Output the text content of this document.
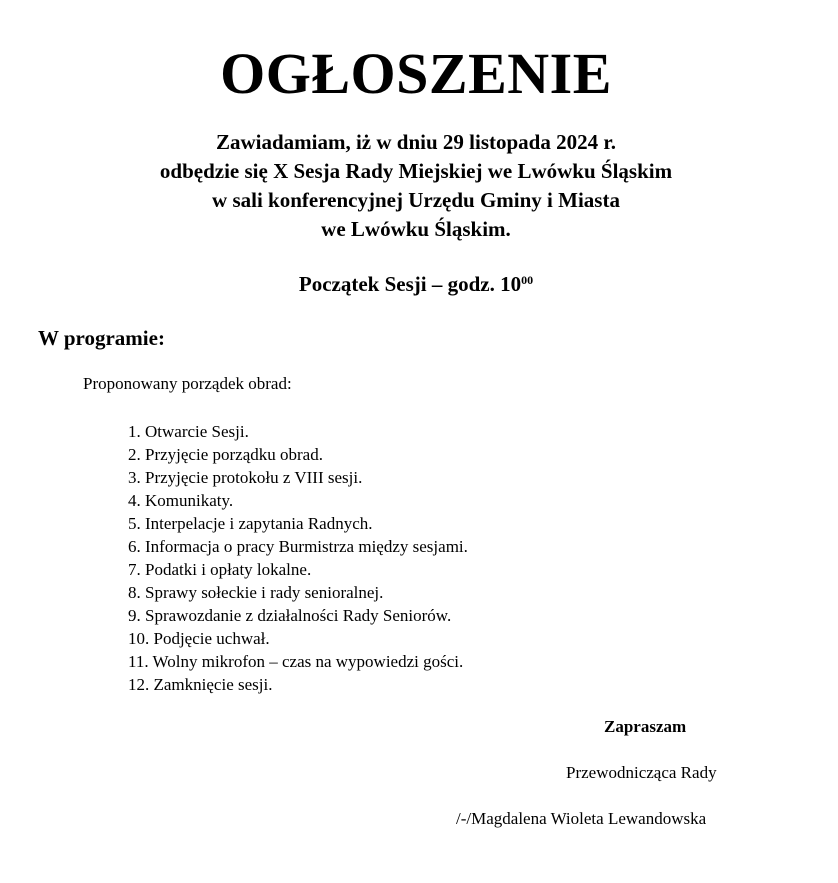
OGŁOSZENIE
Zawiadamiam, iż w dniu 29 listopada 2024 r.
odbędzie się X Sesja Rady Miejskiej we Lwówku Śląskim
w sali konferencyjnej Urzędu Gminy i Miasta
we Lwówku Śląskim.
Początek Sesji – godz. $10^{00}$
W programie:
Proponowany porządek obrad:
1. Otwarcie Sesji.
2. Przyjęcie porządku obrad.
3. Przyjęcie protokołu z VIII sesji.
4. Komunikaty.
5. Interpelacje i zapytania Radnych.
6. Informacja o pracy Burmistrza między sesjami.
7. Podatki i opłaty lokalne.
8. Sprawy sołeckie i rady senioralnej.
9. Sprawozdanie z działalności Rady Seniorów.
10. Podjęcie uchwał.
11. Wolny mikrofon – czas na wypowiedzi gości.
12. Zamknięcie sesji.
Zapraszam
Przewodnicząca Rady
/-/Magdalena Wioleta Lewandowska
